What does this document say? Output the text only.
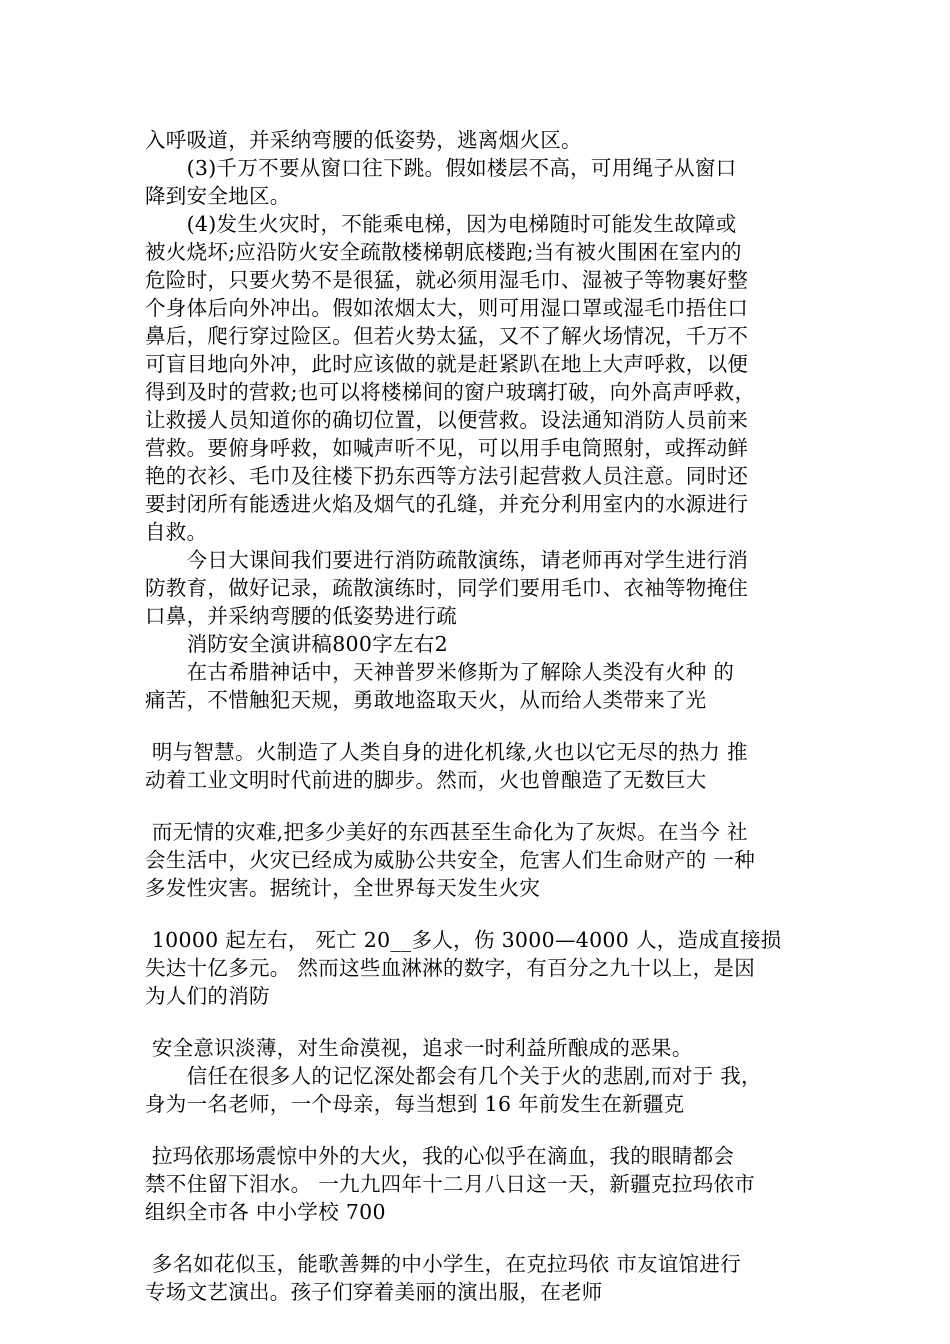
入呼吸道，并采纳弯腰的低姿势，逃离烟火区。

　　(3)千万不要从窗口往下跳。假如楼层不高，可用绳子从窗口

降到安全地区。

　　(4)发生火灾时，不能乘电梯，因为电梯随时可能发生故障或

被火烧坏;应沿防火安全疏散楼梯朝底楼跑;当有被火围困在室内的

危险时，只要火势不是很猛，就必须用湿毛巾、湿被子等物裹好整

个身体后向外冲出。假如浓烟太大，则可用湿口罩或湿毛巾捂住口

鼻后，爬行穿过险区。但若火势太猛，又不了解火场情况，千万不

可盲目地向外冲，此时应该做的就是赶紧趴在地上大声呼救，以便

得到及时的营救;也可以将楼梯间的窗户玻璃打破，向外高声呼救，

让救援人员知道你的确切位置，以便营救。设法通知消防人员前来

营救。要俯身呼救，如喊声听不见，可以用手电筒照射，或挥动鲜

艳的衣衫、毛巾及往楼下扔东西等方法引起营救人员注意。同时还

要封闭所有能透进火焰及烟气的孔缝，并充分利用室内的水源进行

自救。

　　今日大课间我们要进行消防疏散演练，请老师再对学生进行消

防教育，做好记录，疏散演练时，同学们要用毛巾、衣袖等物掩住

口鼻，并采纳弯腰的低姿势进行疏

　　消防安全演讲稿800字左右2

　　在古希腊神话中，天神普罗米修斯为了解除人类没有火种 的

痛苦，不惜触犯天规，勇敢地盗取天火，从而给人类带来了光

明与智慧。火制造了人类自身的进化机缘,火也以它无尽的热力 推

动着工业文明时代前进的脚步。然而，火也曾酿造了无数巨大

而无情的灾难,把多少美好的东西甚至生命化为了灰烬。在当今 社

会生活中，火灾已经成为威胁公共安全，危害人们生命财产的 一种

多发性灾害。据统计，全世界每天发生火灾

10000 起左右， 死亡 20__多人，伤 3000—4000 人，造成直接损

失达十亿多元。 然而这些血淋淋的数字，有百分之九十以上，是因

为人们的消防

安全意识淡薄，对生命漠视，追求一时利益所酿成的恶果。

　　信任在很多人的记忆深处都会有几个关于火的悲剧,而对于 我，

身为一名老师，一个母亲，每当想到 16 年前发生在新疆克

拉玛依那场震惊中外的大火，我的心似乎在滴血，我的眼睛都会

禁不住留下泪水。 一九九四年十二月八日这一天，新疆克拉玛依市

组织全市各 中小学校 700

多名如花似玉，能歌善舞的中小学生，在克拉玛依 市友谊馆进行

专场文艺演出。孩子们穿着美丽的演出服，在老师
